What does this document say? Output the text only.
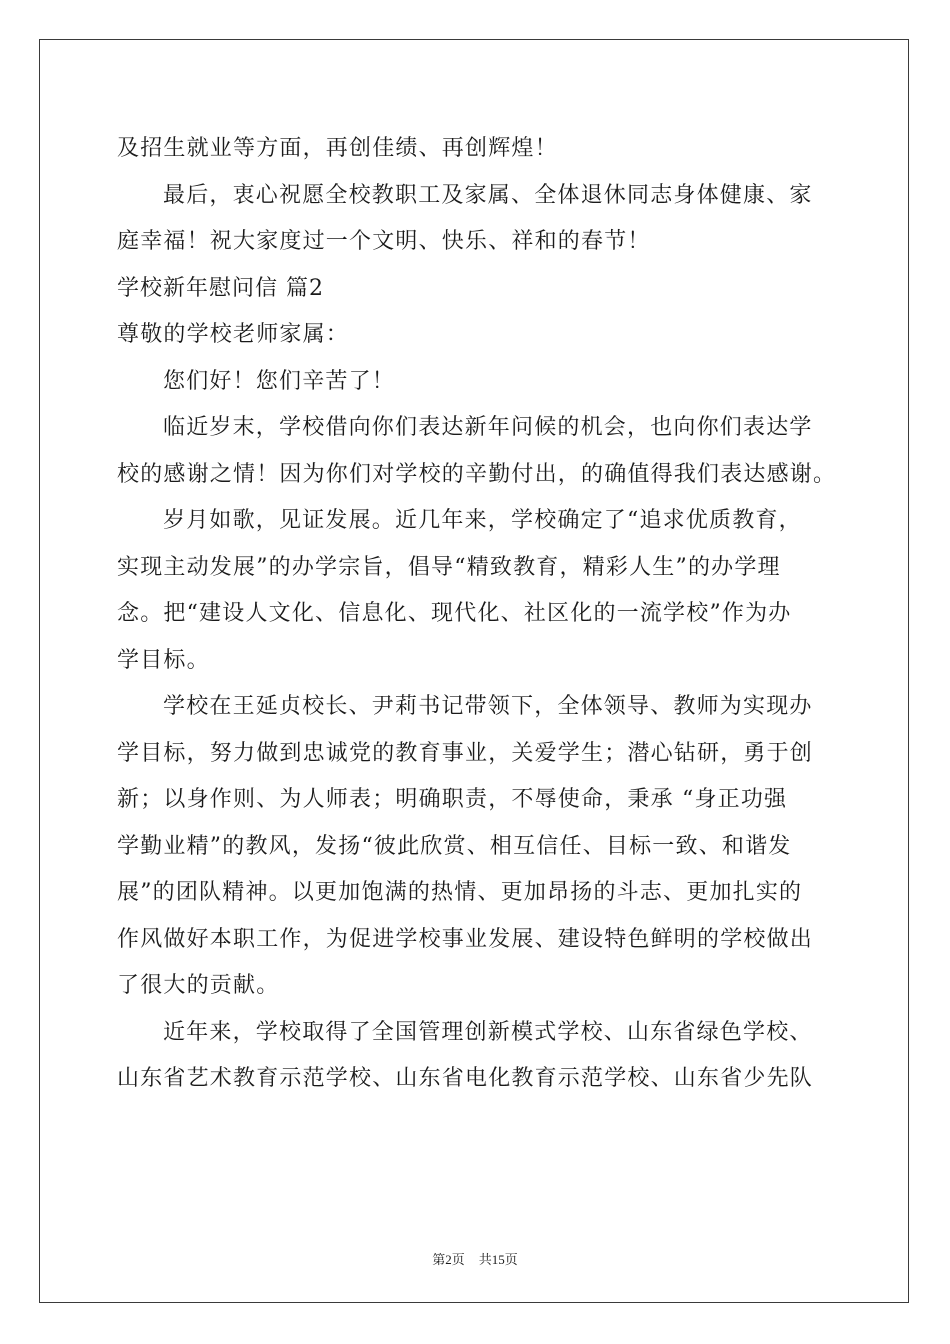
及招生就业等方面，再创佳绩、再创辉煌！
最后，衷心祝愿全校教职工及家属、全体退休同志身体健康、家
庭幸福！祝大家度过一个文明、快乐、祥和的春节！
学校新年慰问信 篇2
尊敬的学校老师家属：
您们好！您们辛苦了！
临近岁末，学校借向你们表达新年问候的机会，也向你们表达学
校的感谢之情！因为你们对学校的辛勤付出，的确值得我们表达感谢。
岁月如歌，见证发展。近几年来，学校确定了“追求优质教育，
实现主动发展”的办学宗旨，倡导“精致教育，精彩人生”的办学理
念。把“建设人文化、信息化、现代化、社区化的一流学校”作为办
学目标。
学校在王延贞校长、尹莉书记带领下，全体领导、教师为实现办
学目标，努力做到忠诚党的教育事业，关爱学生；潜心钻研，勇于创
新；以身作则、为人师表；明确职责，不辱使命，秉承 “身正功强
学勤业精”的教风，发扬“彼此欣赏、相互信任、目标一致、和谐发
展”的团队精神。以更加饱满的热情、更加昂扬的斗志、更加扎实的
作风做好本职工作，为促进学校事业发展、建设特色鲜明的学校做出
了很大的贡献。
近年来，学校取得了全国管理创新模式学校、山东省绿色学校、
山东省艺术教育示范学校、山东省电化教育示范学校、山东省少先队
第2页 共15页
